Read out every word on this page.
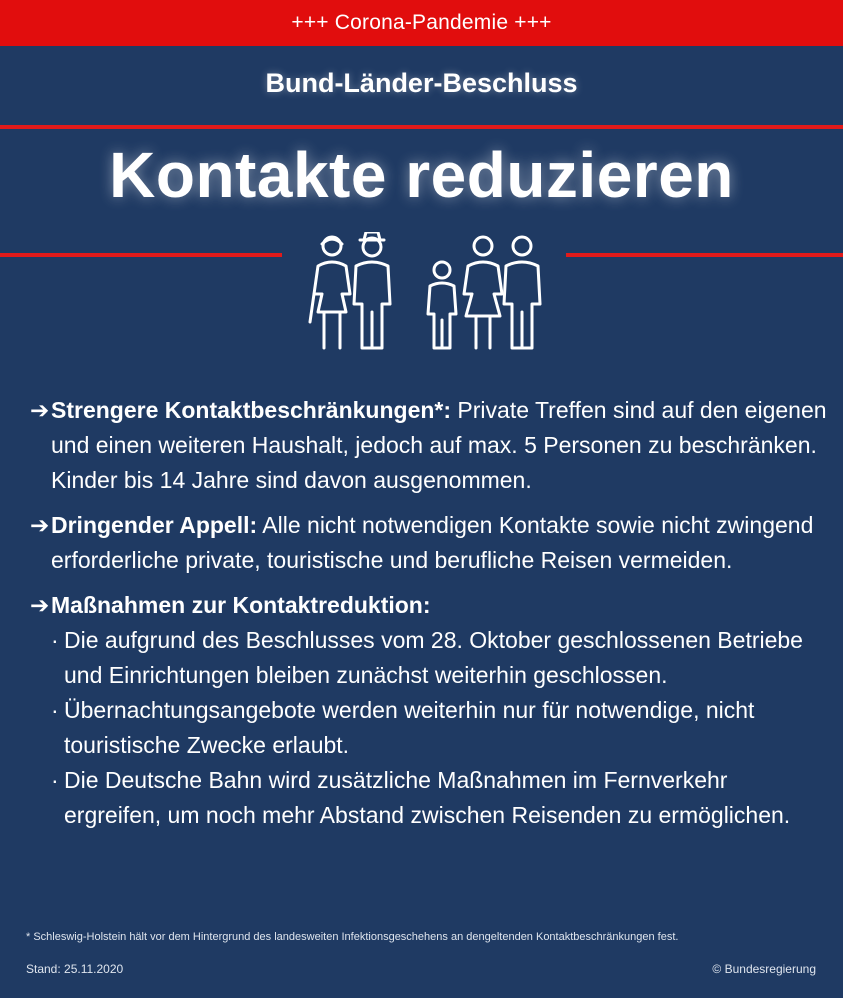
+++ Corona-Pandemie +++
Bund-Länder-Beschluss
Kontakte reduzieren
➔ Strengere Kontaktbeschränkungen*: Private Treffen sind auf den eigenen und einen weiteren Haushalt, jedoch auf max. 5 Personen zu beschränken. Kinder bis 14 Jahre sind davon ausgenommen.
➔ Dringender Appell: Alle nicht notwendigen Kontakte sowie nicht zwingend erforderliche private, touristische und berufliche Reisen vermeiden.
➔ Maßnahmen zur Kontaktreduktion:
· Die aufgrund des Beschlusses vom 28. Oktober geschlossenen Betriebe und Einrichtungen bleiben zunächst weiterhin geschlossen.
· Übernachtungsangebote werden weiterhin nur für notwendige, nicht touristische Zwecke erlaubt.
· Die Deutsche Bahn wird zusätzliche Maßnahmen im Fernverkehr ergreifen, um noch mehr Abstand zwischen Reisenden zu ermöglichen.
* Schleswig-Holstein hält vor dem Hintergrund des landesweiten Infektionsgeschehens an dengeltenden Kontaktbeschränkungen fest.
Stand: 25.11.2020	© Bundesregierung
